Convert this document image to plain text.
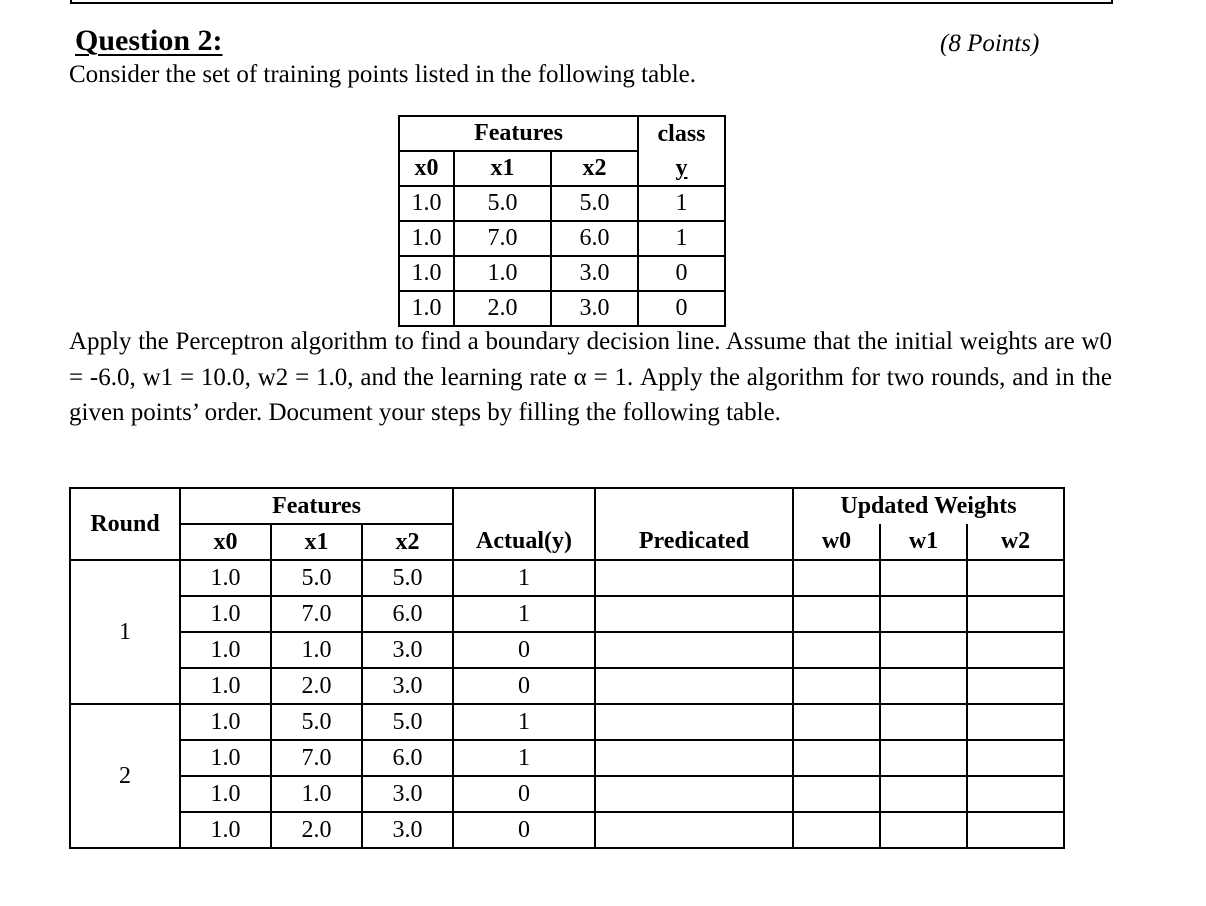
Question 2:	(8 Points)
Consider the set of training points listed in the following table.
Features			class
x0	x1	x2	y
1.0	5.0	5.0	1
1.0	7.0	6.0	1
1.0	1.0	3.0	0
1.0	2.0	3.0	0
Apply the Perceptron algorithm to find a boundary decision line. Assume that the initial weights are w0 = -6.0, w1 = 10.0, w2 = 1.0, and the learning rate α = 1. Apply the algorithm for two rounds, and in the given points’ order. Document your steps by filling the following table.
Round	Features					Updated Weights		
	x0	x1	x2	Actual(y)	Predicated	w0	w1	w2
1	1.0	5.0	5.0	1				
	1.0	7.0	6.0	1				
	1.0	1.0	3.0	0				
	1.0	2.0	3.0	0				
2	1.0	5.0	5.0	1				
	1.0	7.0	6.0	1				
	1.0	1.0	3.0	0				
	1.0	2.0	3.0	0				
